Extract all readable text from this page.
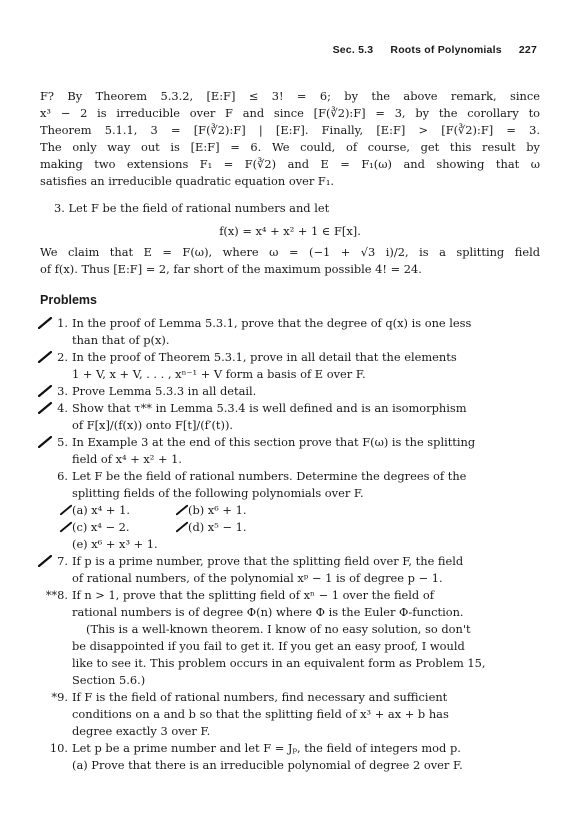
Sec. 5.3 Roots of Polynomials 227

F? By Theorem 5.3.2, [E:F] ≤ 3! = 6; by the above remark, since
x³ − 2 is irreducible over F and since [F(∛2):F] = 3, by the corollary to
Theorem 5.1.1, 3 = [F(∛2):F] | [E:F]. Finally, [E:F] > [F(∛2):F] = 3.
The only way out is [E:F] = 6. We could, of course, get this result by
making two extensions F₁ = F(∛2) and E = F₁(ω) and showing that ω
satisfies an irreducible quadratic equation over F₁.

3. Let F be the field of rational numbers and let
f(x) = x⁴ + x² + 1 ∈ F[x].

We claim that E = F(ω), where ω = (−1 + √3 i)/2, is a splitting field
of f(x). Thus [E:F] = 2, far short of the maximum possible 4! = 24.

Problems
1. In the proof of Lemma 5.3.1, prove that the degree of q(x) is one less
than that of p(x).
2. In the proof of Theorem 5.3.1, prove in all detail that the elements
1 + V, x + V, . . . , xⁿ⁻¹ + V form a basis of E over F.
3. Prove Lemma 5.3.3 in all detail.
4. Show that τ** in Lemma 5.3.4 is well defined and is an isomorphism
of F[x]/(f(x)) onto F[t]/(f′(t)).
5. In Example 3 at the end of this section prove that F(ω) is the splitting
field of x⁴ + x² + 1.
6. Let F be the field of rational numbers. Determine the degrees of the
splitting fields of the following polynomials over F.
(a) x⁴ + 1.	(b) x⁶ + 1.
(c) x⁴ − 2.	(d) x⁵ − 1.
(e) x⁶ + x³ + 1.
7. If p is a prime number, prove that the splitting field over F, the field
of rational numbers, of the polynomial xᵖ − 1 is of degree p − 1.
**8. If n > 1, prove that the splitting field of xⁿ − 1 over the field of
rational numbers is of degree Φ(n) where Φ is the Euler Φ-function.
(This is a well-known theorem. I know of no easy solution, so don't
be disappointed if you fail to get it. If you get an easy proof, I would
like to see it. This problem occurs in an equivalent form as Problem 15,
Section 5.6.)
*9. If F is the field of rational numbers, find necessary and sufficient
conditions on a and b so that the splitting field of x³ + ax + b has
degree exactly 3 over F.
10. Let p be a prime number and let F = Jₚ, the field of integers mod p.
(a) Prove that there is an irreducible polynomial of degree 2 over F.
